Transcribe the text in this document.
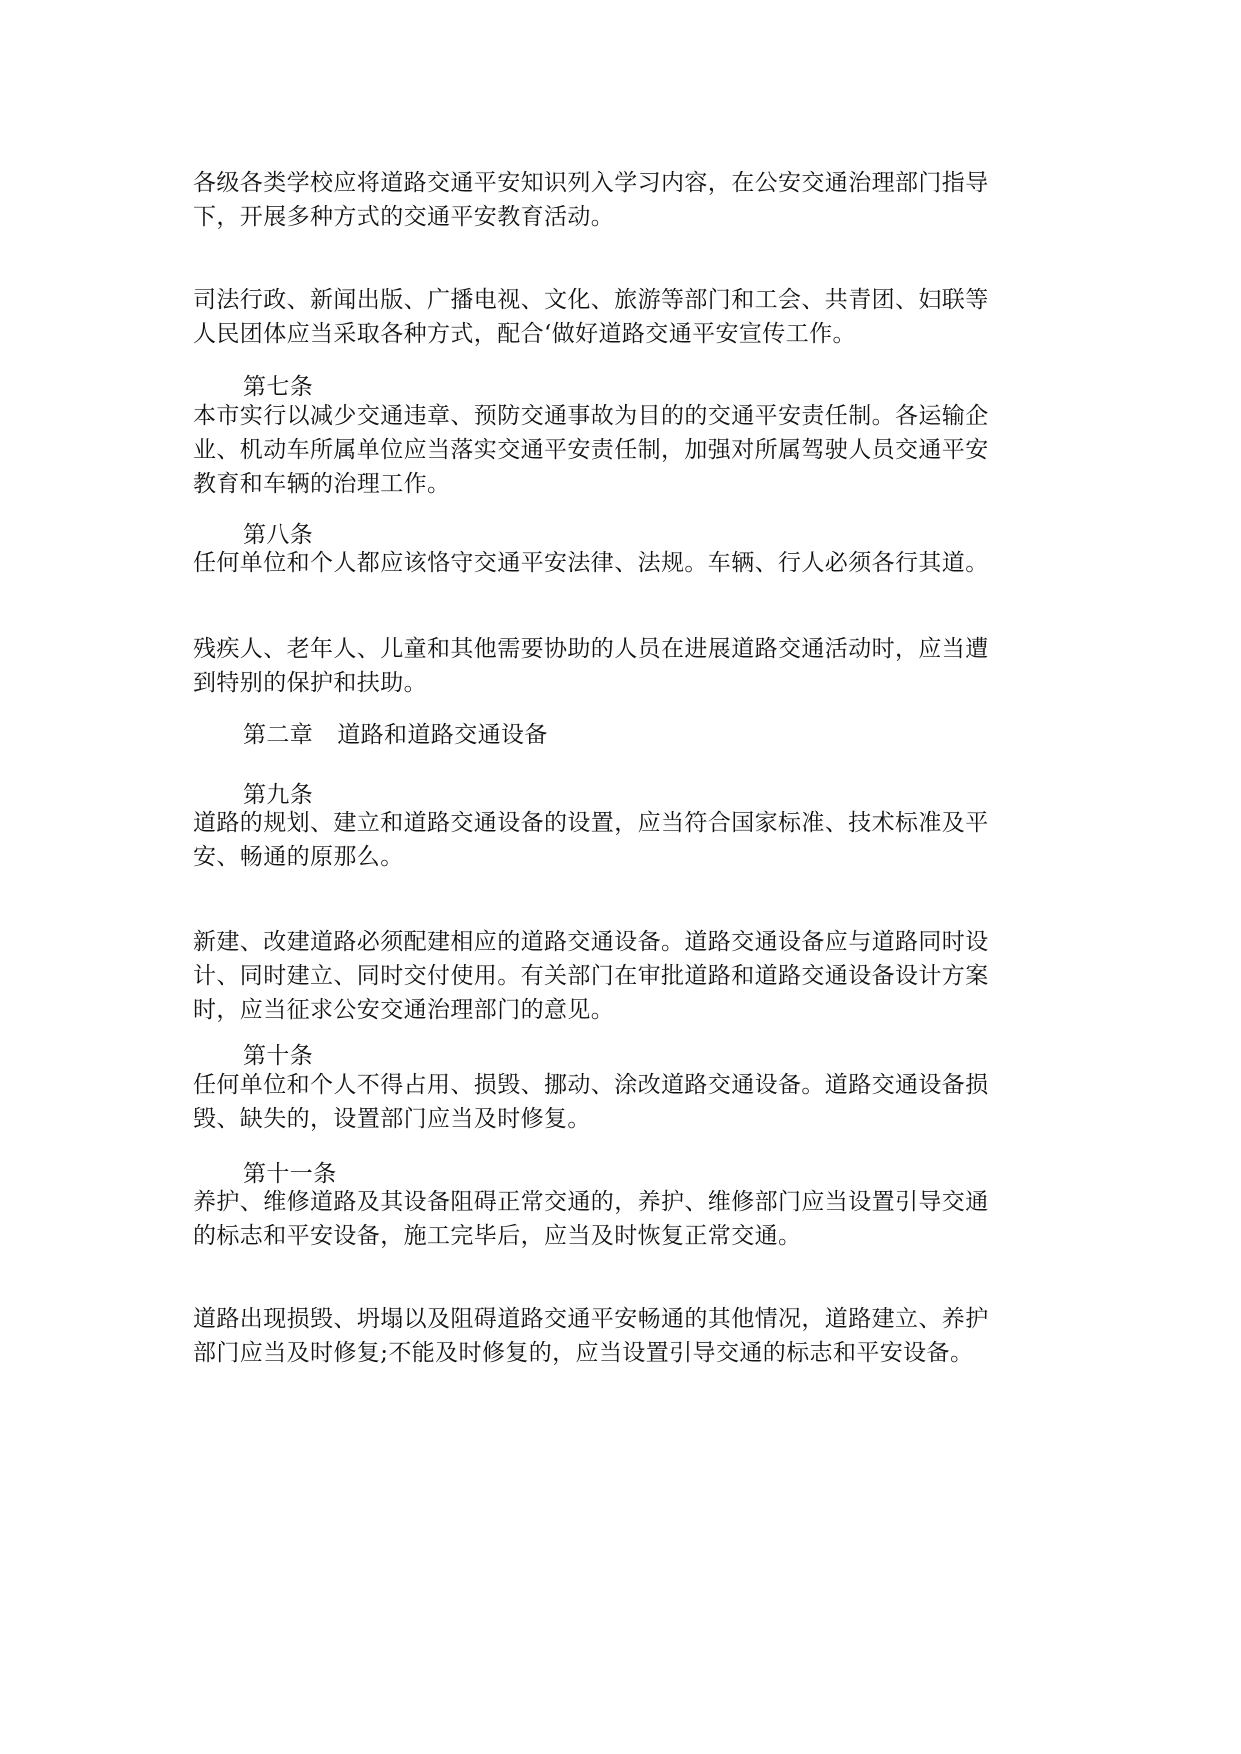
各级各类学校应将道路交通平安知识列入学习内容，在公安交通治理部门指导
下，开展多种方式的交通平安教育活动。

司法行政、新闻出版、广播电视、文化、旅游等部门和工会、共青团、妇联等
人民团体应当采取各种方式，配合‘做好道路交通平安宣传工作。

第七条

本市实行以减少交通违章、预防交通事故为目的的交通平安责任制。各运输企
业、机动车所属单位应当落实交通平安责任制，加强对所属驾驶人员交通平安
教育和车辆的治理工作。

第八条

任何单位和个人都应该恪守交通平安法律、法规。车辆、行人必须各行其道。

残疾人、老年人、儿童和其他需要协助的人员在进展道路交通活动时，应当遭
到特别的保护和扶助。

第二章 道路和道路交通设备

第九条

道路的规划、建立和道路交通设备的设置，应当符合国家标准、技术标准及平
安、畅通的原那么。

新建、改建道路必须配建相应的道路交通设备。道路交通设备应与道路同时设
计、同时建立、同时交付使用。有关部门在审批道路和道路交通设备设计方案
时，应当征求公安交通治理部门的意见。

第十条

任何单位和个人不得占用、损毁、挪动、涂改道路交通设备。道路交通设备损
毁、缺失的，设置部门应当及时修复。

第十一条

养护、维修道路及其设备阻碍正常交通的，养护、维修部门应当设置引导交通
的标志和平安设备，施工完毕后，应当及时恢复正常交通。

道路出现损毁、坍塌以及阻碍道路交通平安畅通的其他情况，道路建立、养护
部门应当及时修复;不能及时修复的，应当设置引导交通的标志和平安设备。
